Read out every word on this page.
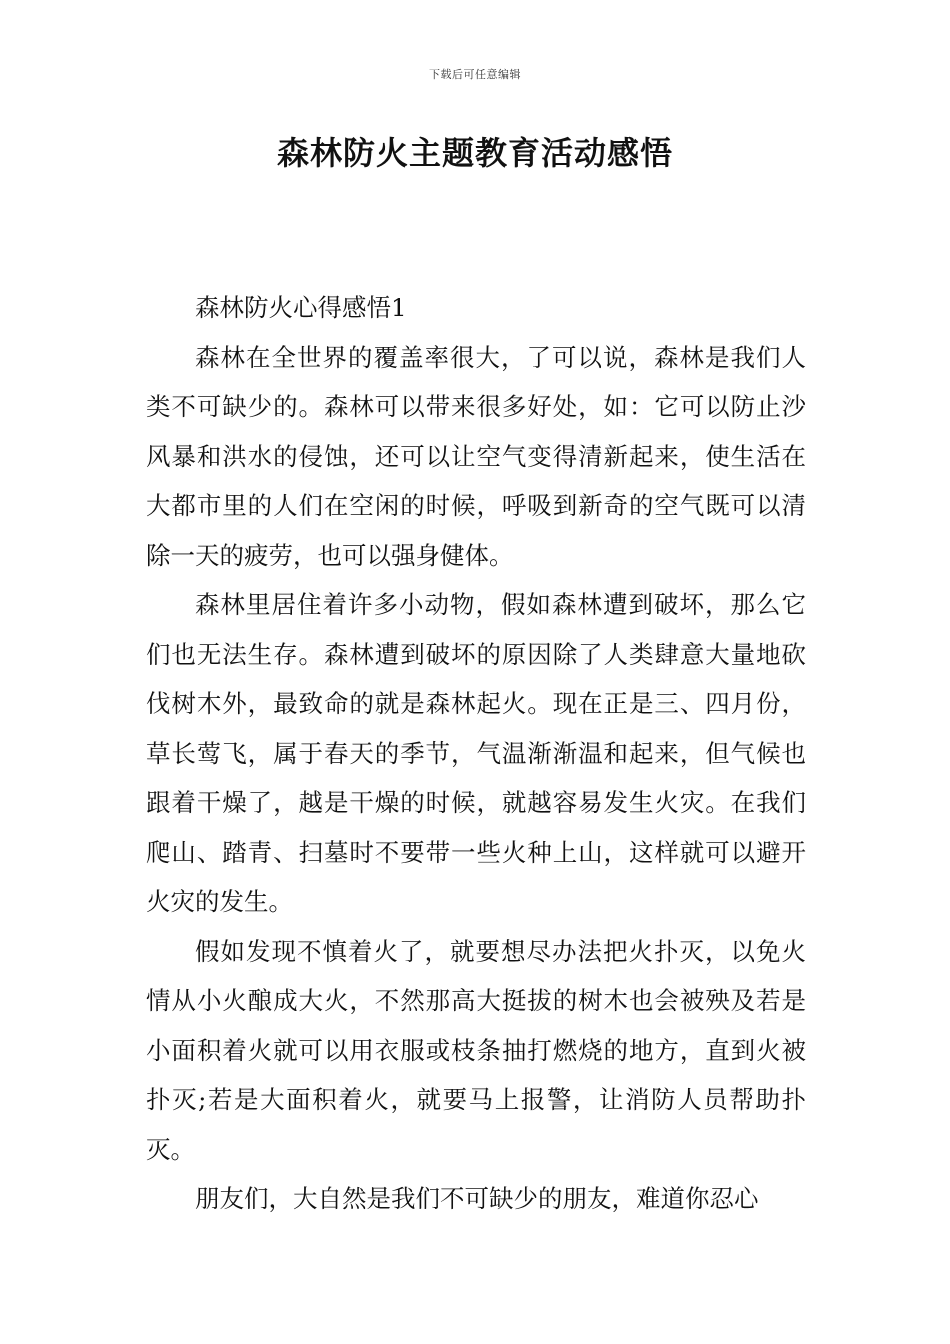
下载后可任意编辑
森林防火主题教育活动感悟

森林防火心得感悟1

森林在全世界的覆盖率很大，了可以说，森林是我们人类不可缺少的。森林可以带来很多好处，如：它可以防止沙风暴和洪水的侵蚀，还可以让空气变得清新起来，使生活在大都市里的人们在空闲的时候，呼吸到新奇的空气既可以清除一天的疲劳，也可以强身健体。

森林里居住着许多小动物，假如森林遭到破坏，那么它们也无法生存。森林遭到破坏的原因除了人类肆意大量地砍伐树木外，最致命的就是森林起火。现在正是三、四月份，草长莺飞，属于春天的季节，气温渐渐温和起来，但气候也跟着干燥了，越是干燥的时候，就越容易发生火灾。在我们爬山、踏青、扫墓时不要带一些火种上山，这样就可以避开火灾的发生。

假如发现不慎着火了，就要想尽办法把火扑灭，以免火情从小火酿成大火，不然那高大挺拔的树木也会被殃及若是小面积着火就可以用衣服或枝条抽打燃烧的地方，直到火被扑灭;若是大面积着火，就要马上报警，让消防人员帮助扑灭。

朋友们，大自然是我们不可缺少的朋友，难道你忍心
